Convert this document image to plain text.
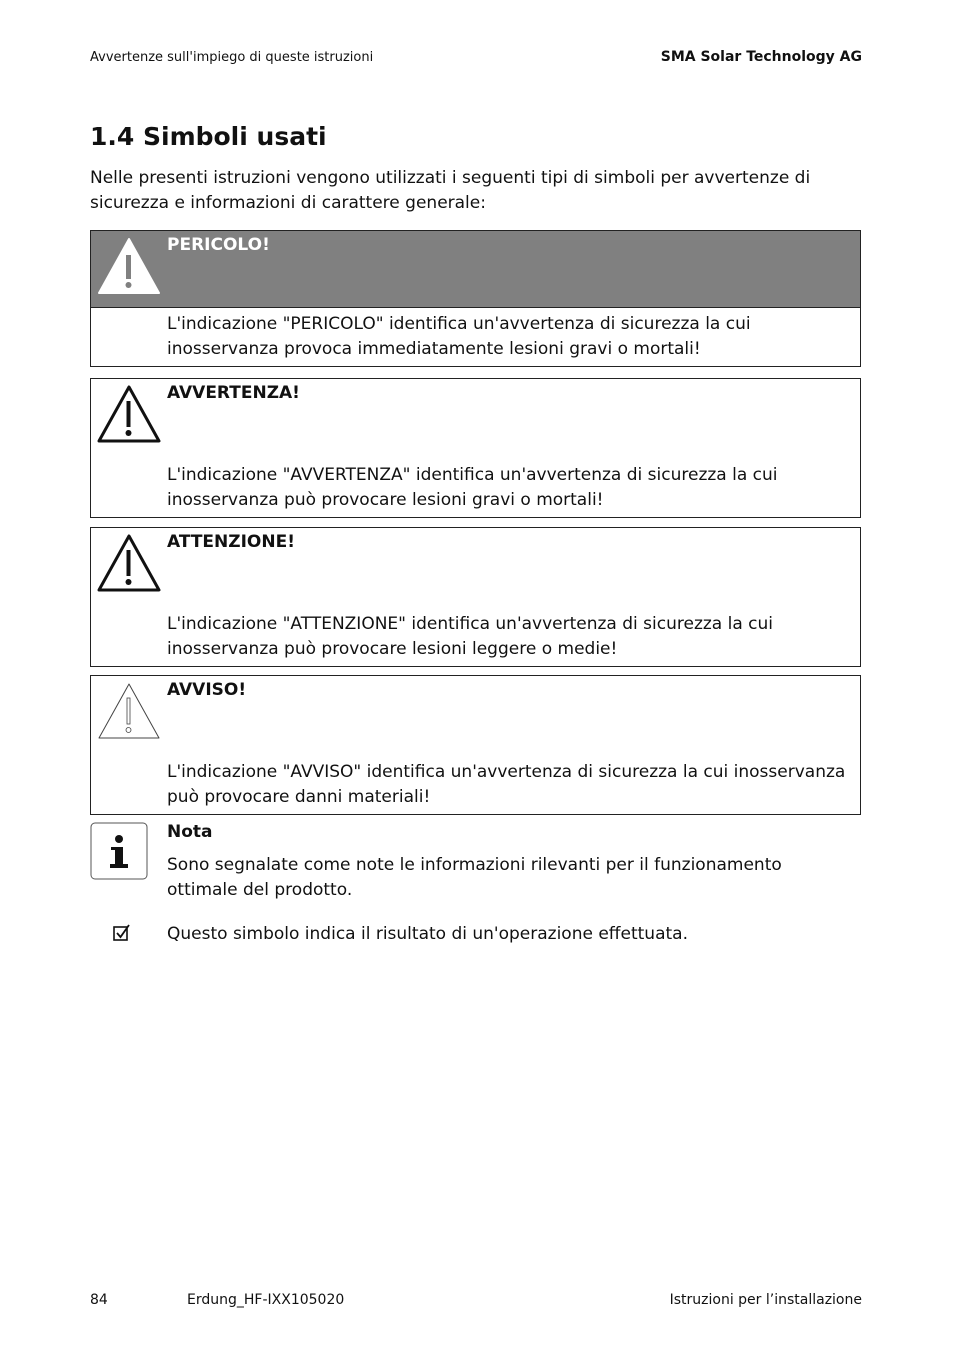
Avvertenze sull'impiego di queste istruzioni	SMA Solar Technology AG
1.4 Simboli usati

Nelle presenti istruzioni vengono utilizzati i seguenti tipi di simboli per avvertenze di sicurezza e informazioni di carattere generale:

PERICOLO!

L'indicazione "PERICOLO" identifica un'avvertenza di sicurezza la cui inosservanza provoca immediatamente lesioni gravi o mortali!

AVVERTENZA!

L'indicazione "AVVERTENZA" identifica un'avvertenza di sicurezza la cui inosservanza può provocare lesioni gravi o mortali!

ATTENZIONE!

L'indicazione "ATTENZIONE" identifica un'avvertenza di sicurezza la cui inosservanza può provocare lesioni leggere o medie!

AVVISO!

L'indicazione "AVVISO" identifica un'avvertenza di sicurezza la cui inosservanza può provocare danni materiali!

Nota

Sono segnalate come note le informazioni rilevanti per il funzionamento ottimale del prodotto.

Questo simbolo indica il risultato di un'operazione effettuata.
84	Erdung_HF-IXX105020	Istruzioni per l’installazione
